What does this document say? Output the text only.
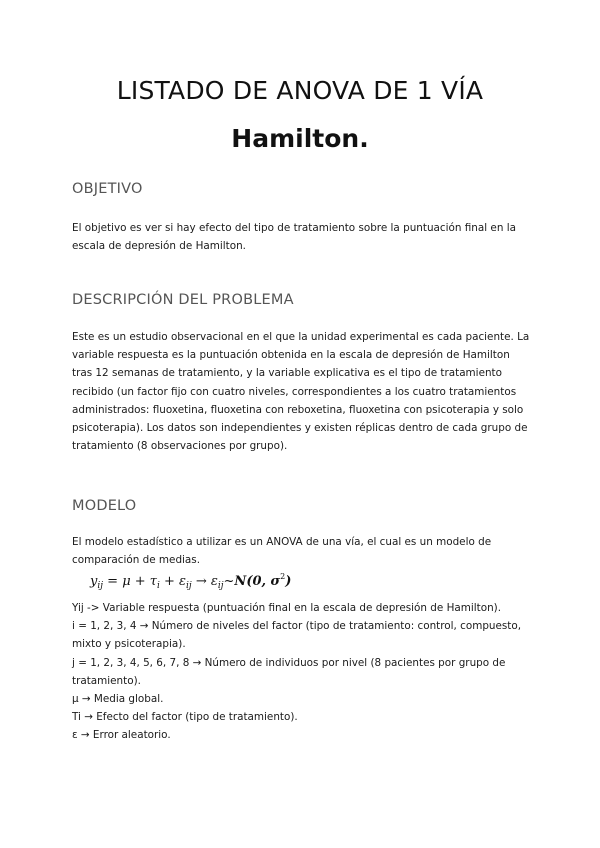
LISTADO DE ANOVA DE 1 VÍA
Hamilton.
OBJETIVO

El objetivo es ver si hay efecto del tipo de tratamiento sobre la puntuación final en la escala de depresión de Hamilton.

DESCRIPCIÓN DEL PROBLEMA

Este es un estudio observacional en el que la unidad experimental es cada paciente. La variable respuesta es la puntuación obtenida en la escala de depresión de Hamilton tras 12 semanas de tratamiento, y la variable explicativa es el tipo de tratamiento recibido (un factor fijo con cuatro niveles, correspondientes a los cuatro tratamientos administrados: fluoxetina, fluoxetina con reboxetina, fluoxetina con psicoterapia y solo psicoterapia). Los datos son independientes y existen réplicas dentro de cada grupo de tratamiento (8 observaciones por grupo).

MODELO

El modelo estadístico a utilizar es un ANOVA de una vía, el cual es un modelo de comparación de medias.

$y_{ij} = \mu + \tau_i + \varepsilon_{ij}$ → $\varepsilon_{ij}\sim N(0$, $\sigma^2$)
Yij -> Variable respuesta (puntuación final en la escala de depresión de Hamilton).
i = 1, 2, 3, 4 → Número de niveles del factor (tipo de tratamiento: control, compuesto, mixto y psicoterapia).
j = 1, 2, 3, 4, 5, 6, 7, 8 → Número de individuos por nivel (8 pacientes por grupo de tratamiento).
μ → Media global.
Ti → Efecto del factor (tipo de tratamiento).
ε → Error aleatorio.
